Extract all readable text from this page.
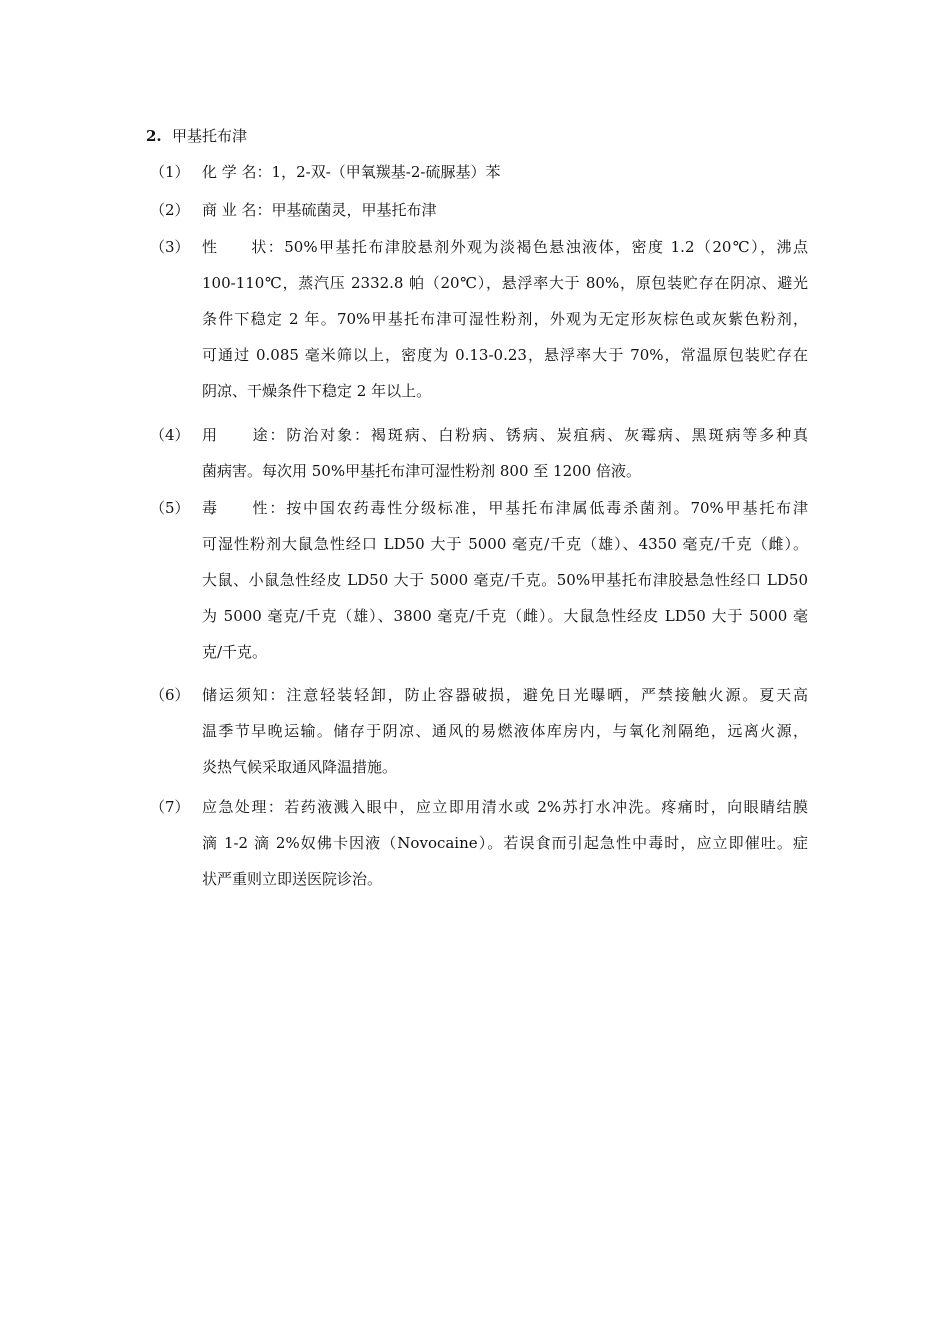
2. 甲基托布津
（1） 化 学 名：1，2-双-（甲氧羰基-2-硫脲基）苯
（2） 商 业 名：甲基硫菌灵，甲基托布津
（3） 性　　状：50%甲基托布津胶悬剂外观为淡褐色悬浊液体，密度 1.2（20℃），沸点
100-110℃，蒸汽压 2332.8 帕（20℃），悬浮率大于 80%，原包装贮存在阴凉、避光
条件下稳定 2 年。70%甲基托布津可湿性粉剂，外观为无定形灰棕色或灰紫色粉剂，
可通过 0.085 毫米筛以上，密度为 0.13-0.23，悬浮率大于 70%，常温原包装贮存在
阴凉、干燥条件下稳定 2 年以上。
（4） 用　　途：防治对象：褐斑病、白粉病、锈病、炭疽病、灰霉病、黑斑病等多种真
菌病害。每次用 50%甲基托布津可湿性粉剂 800 至 1200 倍液。
（5） 毒　　性：按中国农药毒性分级标准，甲基托布津属低毒杀菌剂。70%甲基托布津
可湿性粉剂大鼠急性经口 LD50 大于 5000 毫克/千克（雄）、4350 毫克/千克（雌）。
大鼠、小鼠急性经皮 LD50 大于 5000 毫克/千克。50%甲基托布津胶悬急性经口 LD50
为 5000 毫克/千克（雄）、3800 毫克/千克（雌）。大鼠急性经皮 LD50 大于 5000 毫
克/千克。
（6） 储运须知：注意轻装轻卸，防止容器破损，避免日光曝晒，严禁接触火源。夏天高
温季节早晚运输。储存于阴凉、通风的易燃液体库房内，与氧化剂隔绝，远离火源，
炎热气候采取通风降温措施。
（7） 应急处理：若药液溅入眼中，应立即用清水或 2%苏打水冲洗。疼痛时，向眼睛结膜
滴 1-2 滴 2%奴佛卡因液（Novocaine）。若误食而引起急性中毒时，应立即催吐。症
状严重则立即送医院诊治。
